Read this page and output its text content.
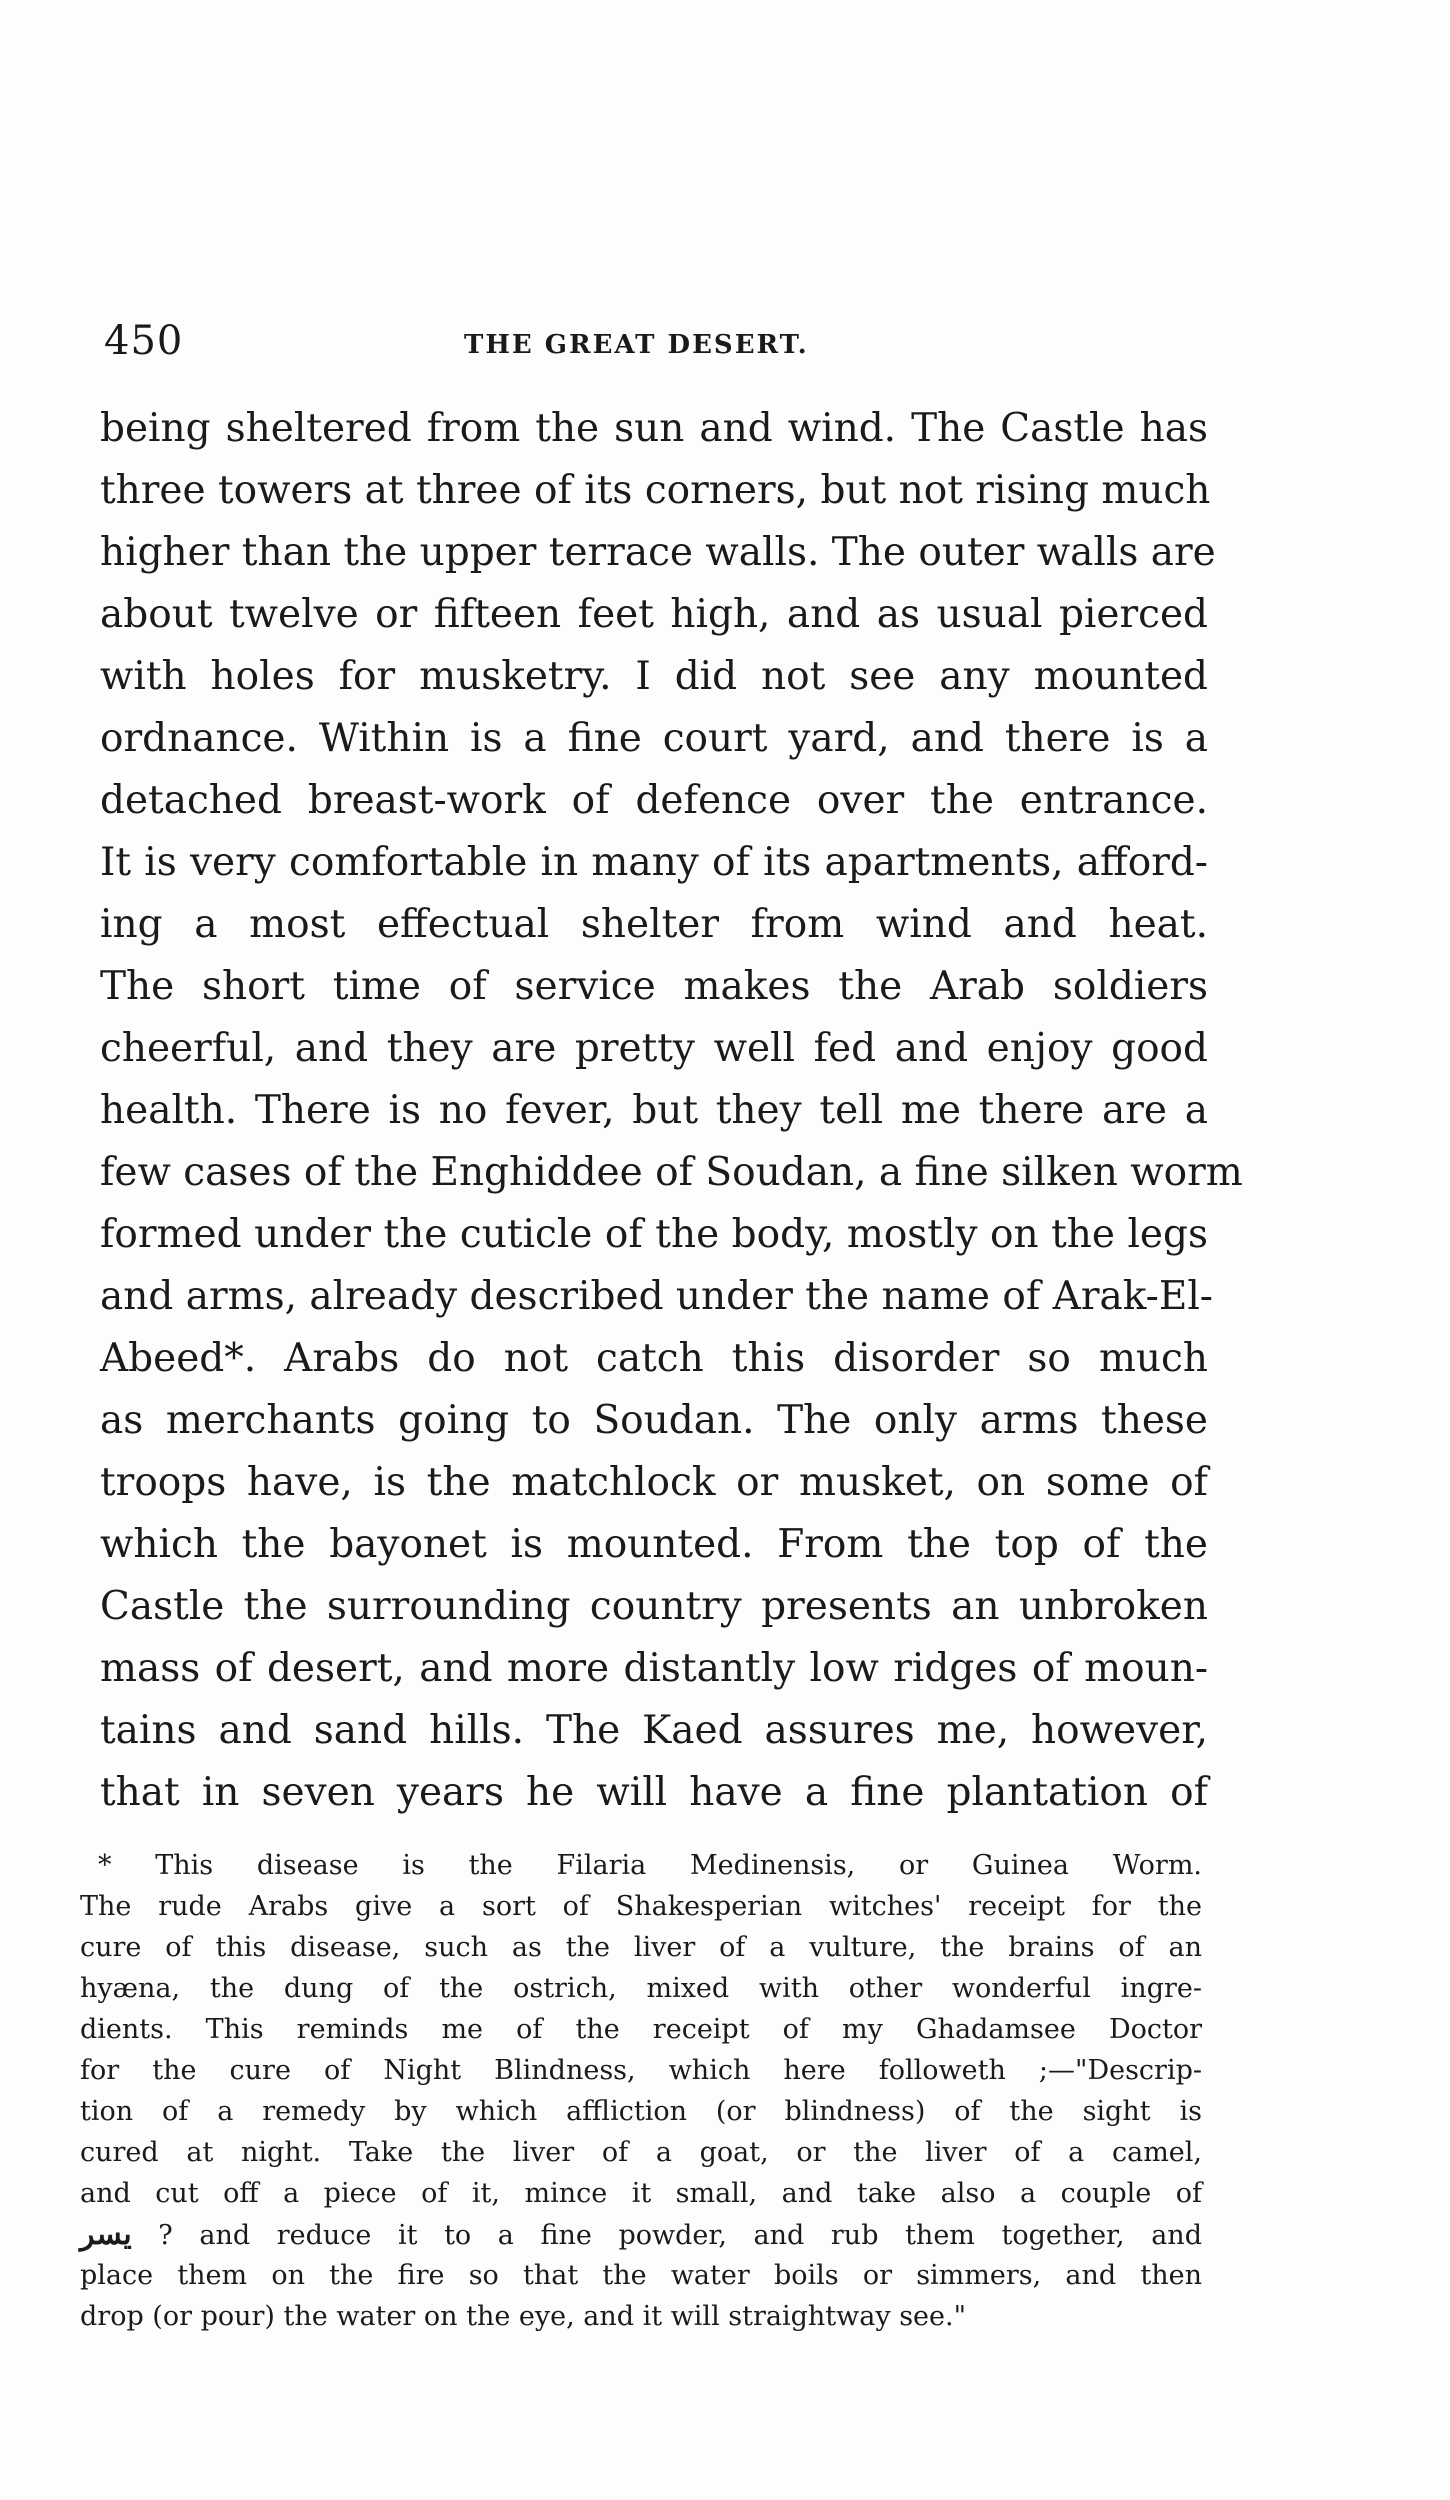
450	THE GREAT DESERT.
being sheltered from the sun and wind. The Castle has
three towers at three of its corners, but not rising much
higher than the upper terrace walls. The outer walls are
about twelve or fifteen feet high, and as usual pierced
with holes for musketry. I did not see any mounted
ordnance. Within is a fine court yard, and there is a
detached breast-work of defence over the entrance.
It is very comfortable in many of its apartments, afford-
ing a most effectual shelter from wind and heat.
The short time of service makes the Arab soldiers
cheerful, and they are pretty well fed and enjoy good
health. There is no fever, but they tell me there are a
few cases of the Enghiddee of Soudan, a fine silken worm
formed under the cuticle of the body, mostly on the legs
and arms, already described under the name of Arak-El-
Abeed*. Arabs do not catch this disorder so much
as merchants going to Soudan. The only arms these
troops have, is the matchlock or musket, on some of
which the bayonet is mounted. From the top of the
Castle the surrounding country presents an unbroken
mass of desert, and more distantly low ridges of moun-
tains and sand hills. The Kaed assures me, however,
that in seven years he will have a fine plantation of
* This disease is the Filaria Medinensis, or Guinea Worm.
The rude Arabs give a sort of Shakesperian witches' receipt for the
cure of this disease, such as the liver of a vulture, the brains of an
hyæna, the dung of the ostrich, mixed with other wonderful ingre-
dients. This reminds me of the receipt of my Ghadamsee Doctor
for the cure of Night Blindness, which here followeth ;—"Descrip-
tion of a remedy by which affliction (or blindness) of the sight is
cured at night. Take the liver of a goat, or the liver of a camel,
and cut off a piece of it, mince it small, and take also a couple of
يسر ? and reduce it to a fine powder, and rub them together, and
place them on the fire so that the water boils or simmers, and then
drop (or pour) the water on the eye, and it will straightway see."
